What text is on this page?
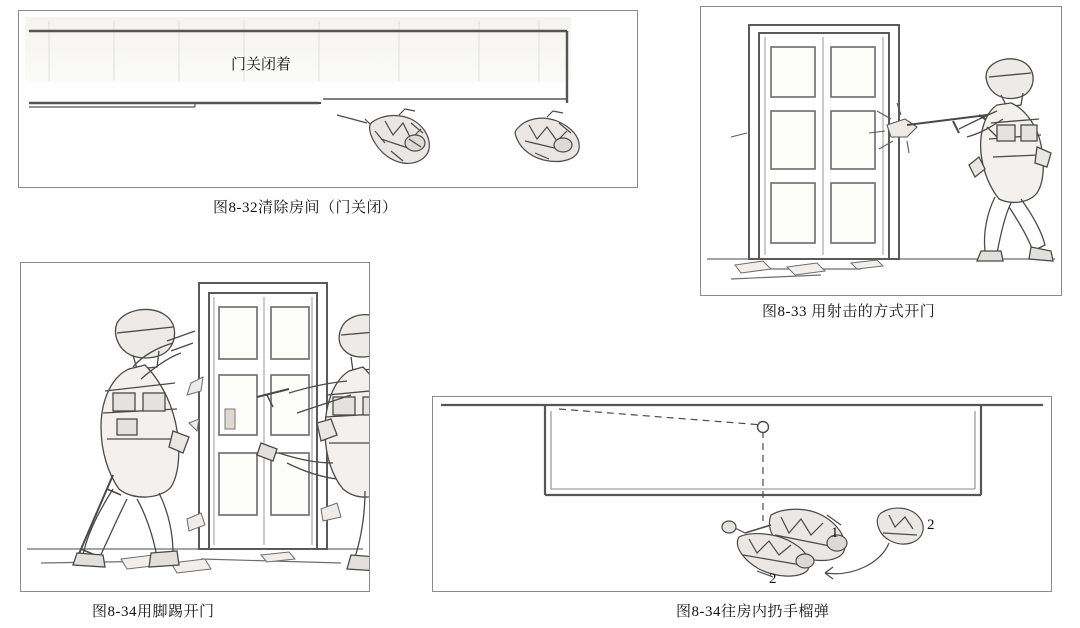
门关闭着
图8-32清除房间（门关闭）
图8-33 用射击的方式开门
图8-34用脚踢开门
1
2
2
图8-34往房内扔手榴弹
